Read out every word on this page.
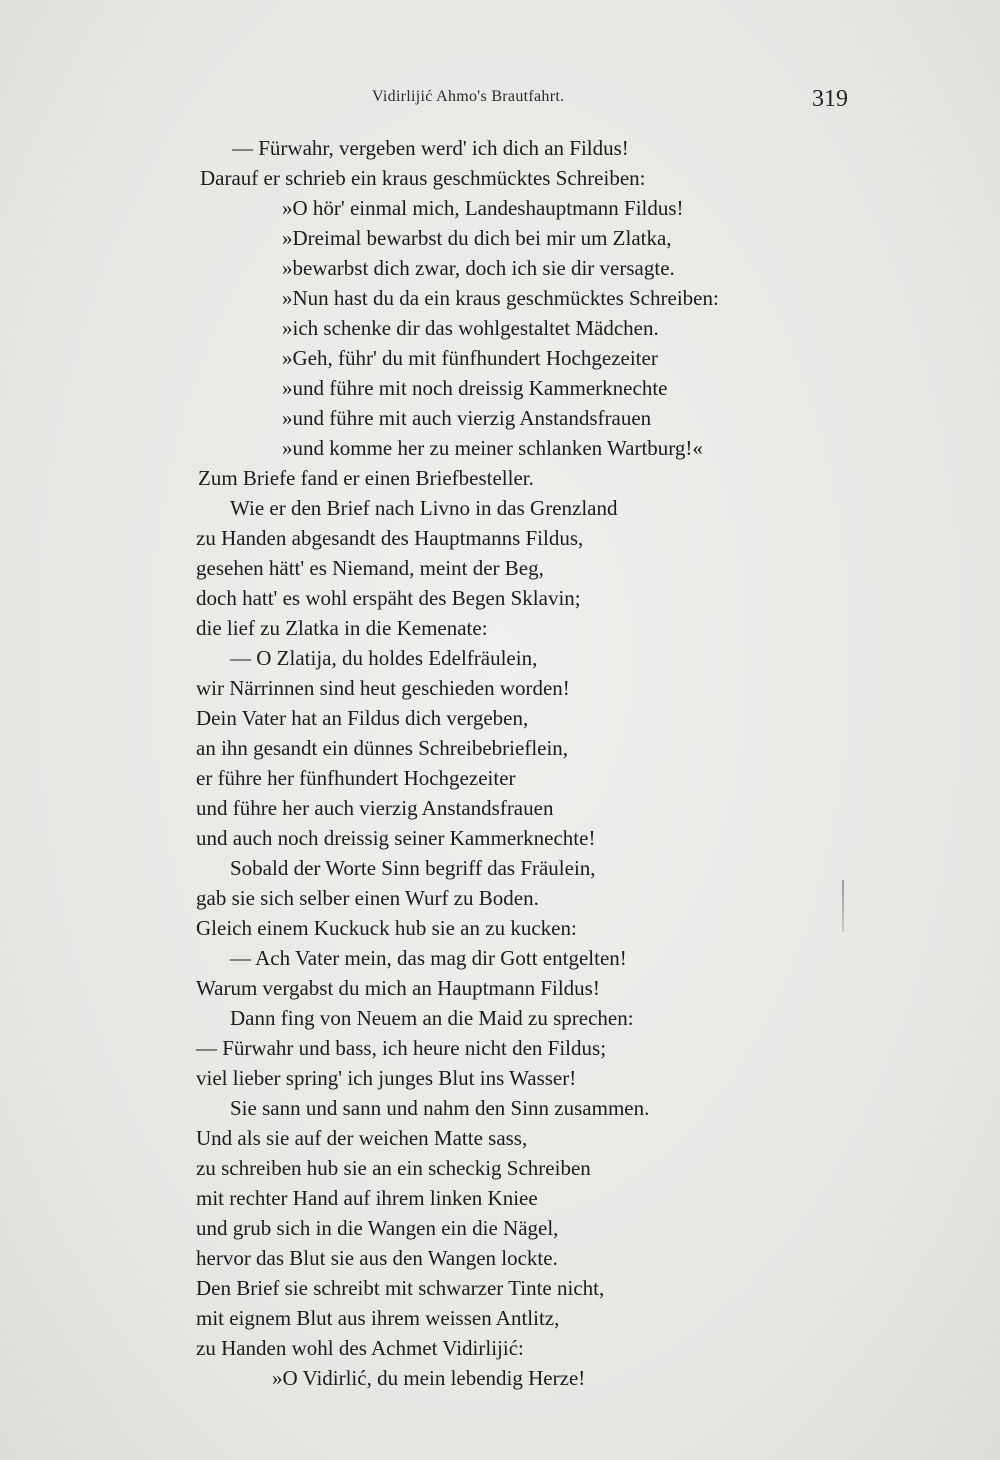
Vidirlijić Ahmo's Brautfahrt.	319
— Fürwahr, vergeben werd' ich dich an Fildus!
Darauf er schrieb ein kraus geschmücktes Schreiben:
»O hör' einmal mich, Landeshauptmann Fildus!
»Dreimal bewarbst du dich bei mir um Zlatka,
»bewarbst dich zwar, doch ich sie dir versagte.
»Nun hast du da ein kraus geschmücktes Schreiben:
»ich schenke dir das wohlgestaltet Mädchen.
»Geh, führ' du mit fünfhundert Hochgezeiter
»und führe mit noch dreissig Kammerknechte
»und führe mit auch vierzig Anstandsfrauen
»und komme her zu meiner schlanken Wartburg!«
Zum Briefe fand er einen Briefbesteller.
Wie er den Brief nach Livno in das Grenzland
zu Handen abgesandt des Hauptmanns Fildus,
gesehen hätt' es Niemand, meint der Beg,
doch hatt' es wohl erspäht des Begen Sklavin;
die lief zu Zlatka in die Kemenate:
— O Zlatija, du holdes Edelfräulein,
wir Närrinnen sind heut geschieden worden!
Dein Vater hat an Fildus dich vergeben,
an ihn gesandt ein dünnes Schreibebrieflein,
er führe her fünfhundert Hochgezeiter
und führe her auch vierzig Anstandsfrauen
und auch noch dreissig seiner Kammerknechte!
Sobald der Worte Sinn begriff das Fräulein,
gab sie sich selber einen Wurf zu Boden.
Gleich einem Kuckuck hub sie an zu kucken:
— Ach Vater mein, das mag dir Gott entgelten!
Warum vergabst du mich an Hauptmann Fildus!
Dann fing von Neuem an die Maid zu sprechen:
— Fürwahr und bass, ich heure nicht den Fildus;
viel lieber spring' ich junges Blut ins Wasser!
Sie sann und sann und nahm den Sinn zusammen.
Und als sie auf der weichen Matte sass,
zu schreiben hub sie an ein scheckig Schreiben
mit rechter Hand auf ihrem linken Kniee
und grub sich in die Wangen ein die Nägel,
hervor das Blut sie aus den Wangen lockte.
Den Brief sie schreibt mit schwarzer Tinte nicht,
mit eignem Blut aus ihrem weissen Antlitz,
zu Handen wohl des Achmet Vidirlijić:
»O Vidirlić, du mein lebendig Herze!
